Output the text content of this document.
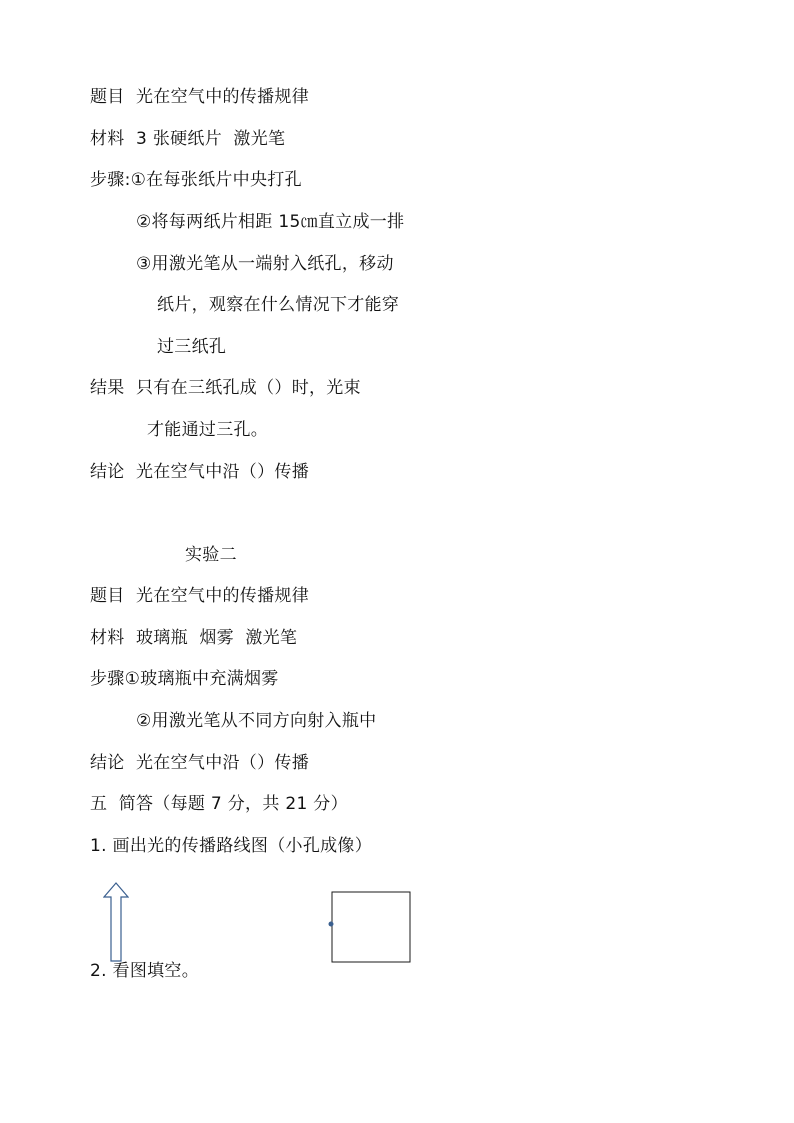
题目  光在空气中的传播规律
材料  3 张硬纸片  激光笔
步骤:①在每张纸片中央打孔
②将每两纸片相距 15㎝直立成一排
③用激光笔从一端射入纸孔，移动
纸片，观察在什么情况下才能穿
过三纸孔
结果  只有在三纸孔成（）时，光束
才能通过三孔。
结论  光在空气中沿（）传播
实验二
题目  光在空气中的传播规律
材料  玻璃瓶  烟雾  激光笔
步骤①玻璃瓶中充满烟雾
②用激光笔从不同方向射入瓶中
结论  光在空气中沿（）传播
五  简答（每题 7 分，共 21 分）
1. 画出光的传播路线图（小孔成像）
2. 看图填空。
